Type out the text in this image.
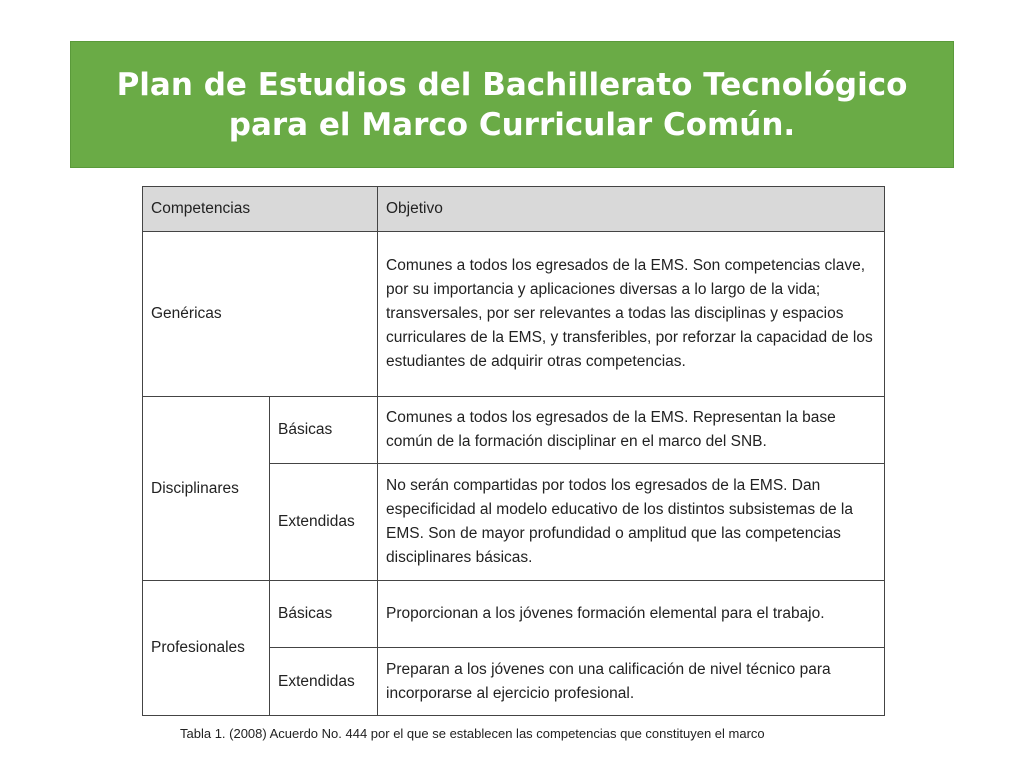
Plan de Estudios del Bachillerato Tecnológico
para el Marco Curricular Común.
Competencias		Objetivo
Genéricas		Comunes a todos los egresados de la EMS. Son competencias clave, por su importancia y aplicaciones diversas a lo largo de la vida; transversales, por ser relevantes a todas las disciplinas y espacios curriculares de la EMS, y transferibles, por reforzar la capacidad de los estudiantes de adquirir otras competencias.
Disciplinares	Básicas	Comunes a todos los egresados de la EMS. Representan la base común de la formación disciplinar en el marco del SNB.
	Extendidas	No serán compartidas por todos los egresados de la EMS. Dan especificidad al modelo educativo de los distintos subsistemas de la EMS. Son de mayor profundidad o amplitud que las competencias disciplinares básicas.
Profesionales	Básicas	Proporcionan a los jóvenes formación elemental para el trabajo.
	Extendidas	Preparan a los jóvenes con una calificación de nivel técnico para incorporarse al ejercicio profesional.
Tabla 1. (2008) Acuerdo No. 444 por el que se establecen las competencias que constituyen el marco
